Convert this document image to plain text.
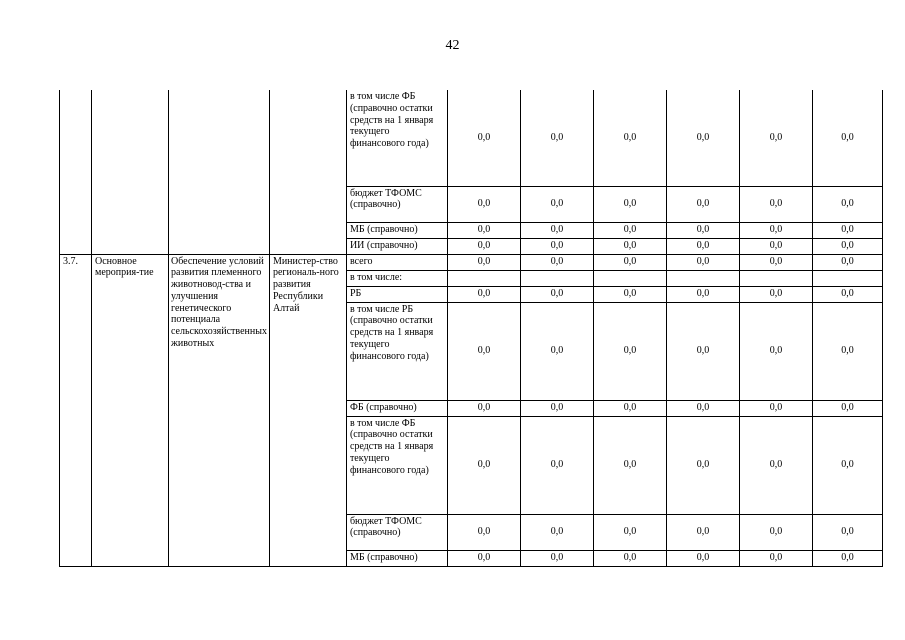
42
				в том числе ФБ (справочно остатки средств на 1 января текущего финансового года)	0,0	0,0	0,0	0,0	0,0	0,0
				бюджет ТФОМС (справочно)	0,0	0,0	0,0	0,0	0,0	0,0
				МБ (справочно)	0,0	0,0	0,0	0,0	0,0	0,0
				ИИ (справочно)	0,0	0,0	0,0	0,0	0,0	0,0
3.7.	Основное мероприя-тие	Обеспечение условий развития племенного животновод-ства и улучшения генетического потенциала сельскохозяйственных животных	Министер-ство региональ-ного развития Республики Алтай	всего	0,0	0,0	0,0	0,0	0,0	0,0
				в том числе:						
				РБ	0,0	0,0	0,0	0,0	0,0	0,0
				в том числе РБ (справочно остатки средств на 1 января текущего финансового года)	0,0	0,0	0,0	0,0	0,0	0,0
				ФБ (справочно)	0,0	0,0	0,0	0,0	0,0	0,0
				в том числе ФБ (справочно остатки средств на 1 января текущего финансового года)	0,0	0,0	0,0	0,0	0,0	0,0
				бюджет ТФОМС (справочно)	0,0	0,0	0,0	0,0	0,0	0,0
				МБ (справочно)	0,0	0,0	0,0	0,0	0,0	0,0
